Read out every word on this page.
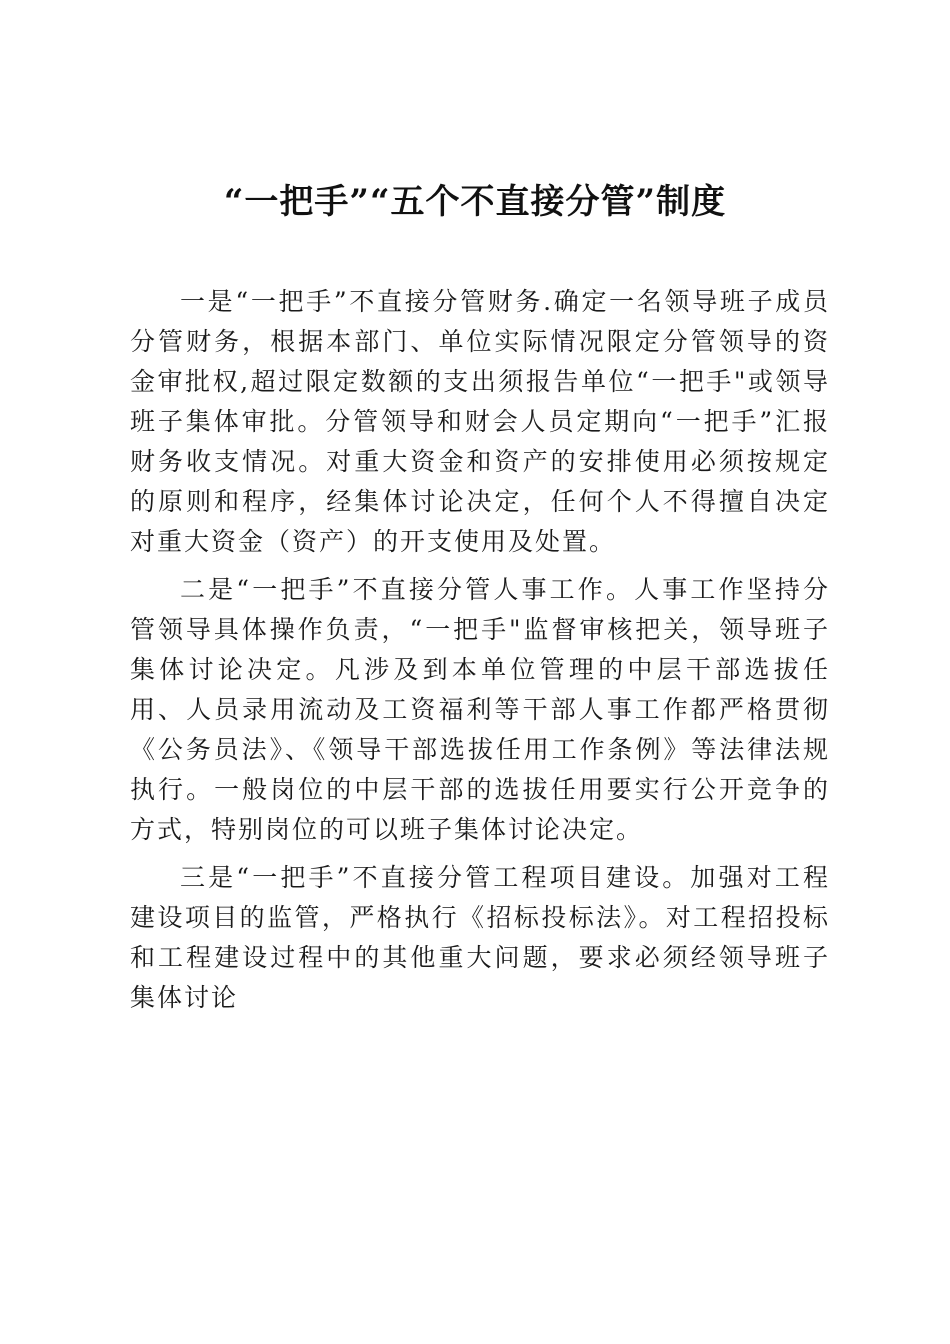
“一把手”“五个不直接分管”制度

一是“一把手”不直接分管财务.确定一名领导班子成员分管财务，根据本部门、单位实际情况限定分管领导的资金审批权,超过限定数额的支出须报告单位“一把手"或领导班子集体审批。分管领导和财会人员定期向“一把手”汇报财务收支情况。对重大资金和资产的安排使用必须按规定的原则和程序，经集体讨论决定，任何个人不得擅自决定对重大资金（资产）的开支使用及处置。

二是“一把手”不直接分管人事工作。人事工作坚持分管领导具体操作负责，“一把手"监督审核把关，领导班子集体讨论决定。凡涉及到本单位管理的中层干部选拔任用、人员录用流动及工资福利等干部人事工作都严格贯彻《公务员法》、《领导干部选拔任用工作条例》等法律法规执行。一般岗位的中层干部的选拔任用要实行公开竞争的方式，特别岗位的可以班子集体讨论决定。

三是“一把手”不直接分管工程项目建设。加强对工程建设项目的监管，严格执行《招标投标法》。对工程招投标和工程建设过程中的其他重大问题，要求必须经领导班子集体讨论
